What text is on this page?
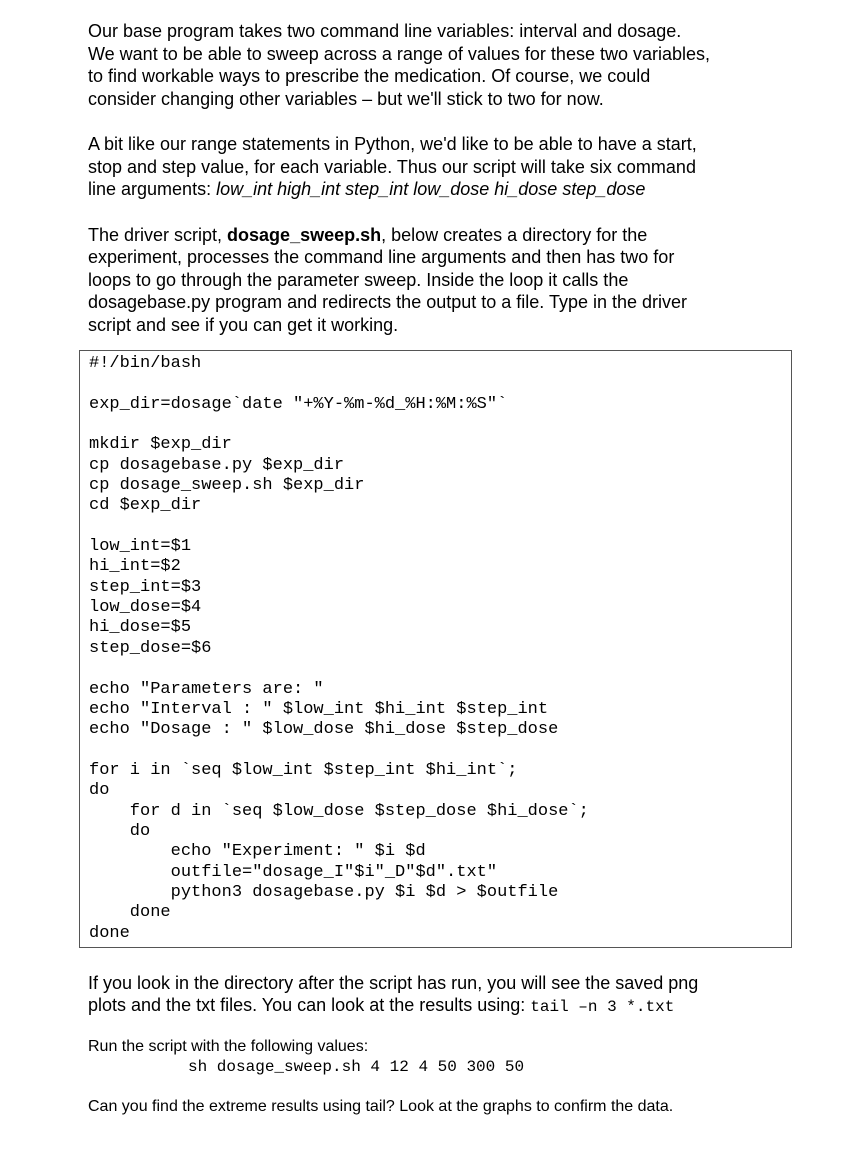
Our base program takes two command line variables: interval and dosage.
We want to be able to sweep across a range of values for these two variables,
to find workable ways to prescribe the medication. Of course, we could
consider changing other variables – but we'll stick to two for now.

A bit like our range statements in Python, we'd like to be able to have a start,
stop and step value, for each variable. Thus our script will take six command
line arguments: low_int high_int step_int low_dose hi_dose step_dose

The driver script, dosage_sweep.sh, below creates a directory for the
experiment, processes the command line arguments and then has two for
loops to go through the parameter sweep. Inside the loop it calls the
dosagebase.py program and redirects the output to a file. Type in the driver
script and see if you can get it working.

#!/bin/bash

exp_dir=dosage`date "+%Y-%m-%d_%H:%M:%S"`

mkdir $exp_dir
cp dosagebase.py $exp_dir
cp dosage_sweep.sh $exp_dir
cd $exp_dir

low_int=$1
hi_int=$2
step_int=$3
low_dose=$4
hi_dose=$5
step_dose=$6

echo "Parameters are: "
echo "Interval : " $low_int $hi_int $step_int
echo "Dosage : " $low_dose $hi_dose $step_dose

for i in `seq $low_int $step_int $hi_int`;
do
for d in `seq $low_dose $step_dose $hi_dose`;
do
echo "Experiment: " $i $d
outfile="dosage_I"$i"_D"$d".txt"
python3 dosagebase.py $i $d > $outfile
done
done

If you look in the directory after the script has run, you will see the saved png
plots and the txt files. You can look at the results using: tail –n 3 *.txt

Run the script with the following values:

sh dosage_sweep.sh 4 12 4 50 300 50

Can you find the extreme results using tail? Look at the graphs to confirm the data.
